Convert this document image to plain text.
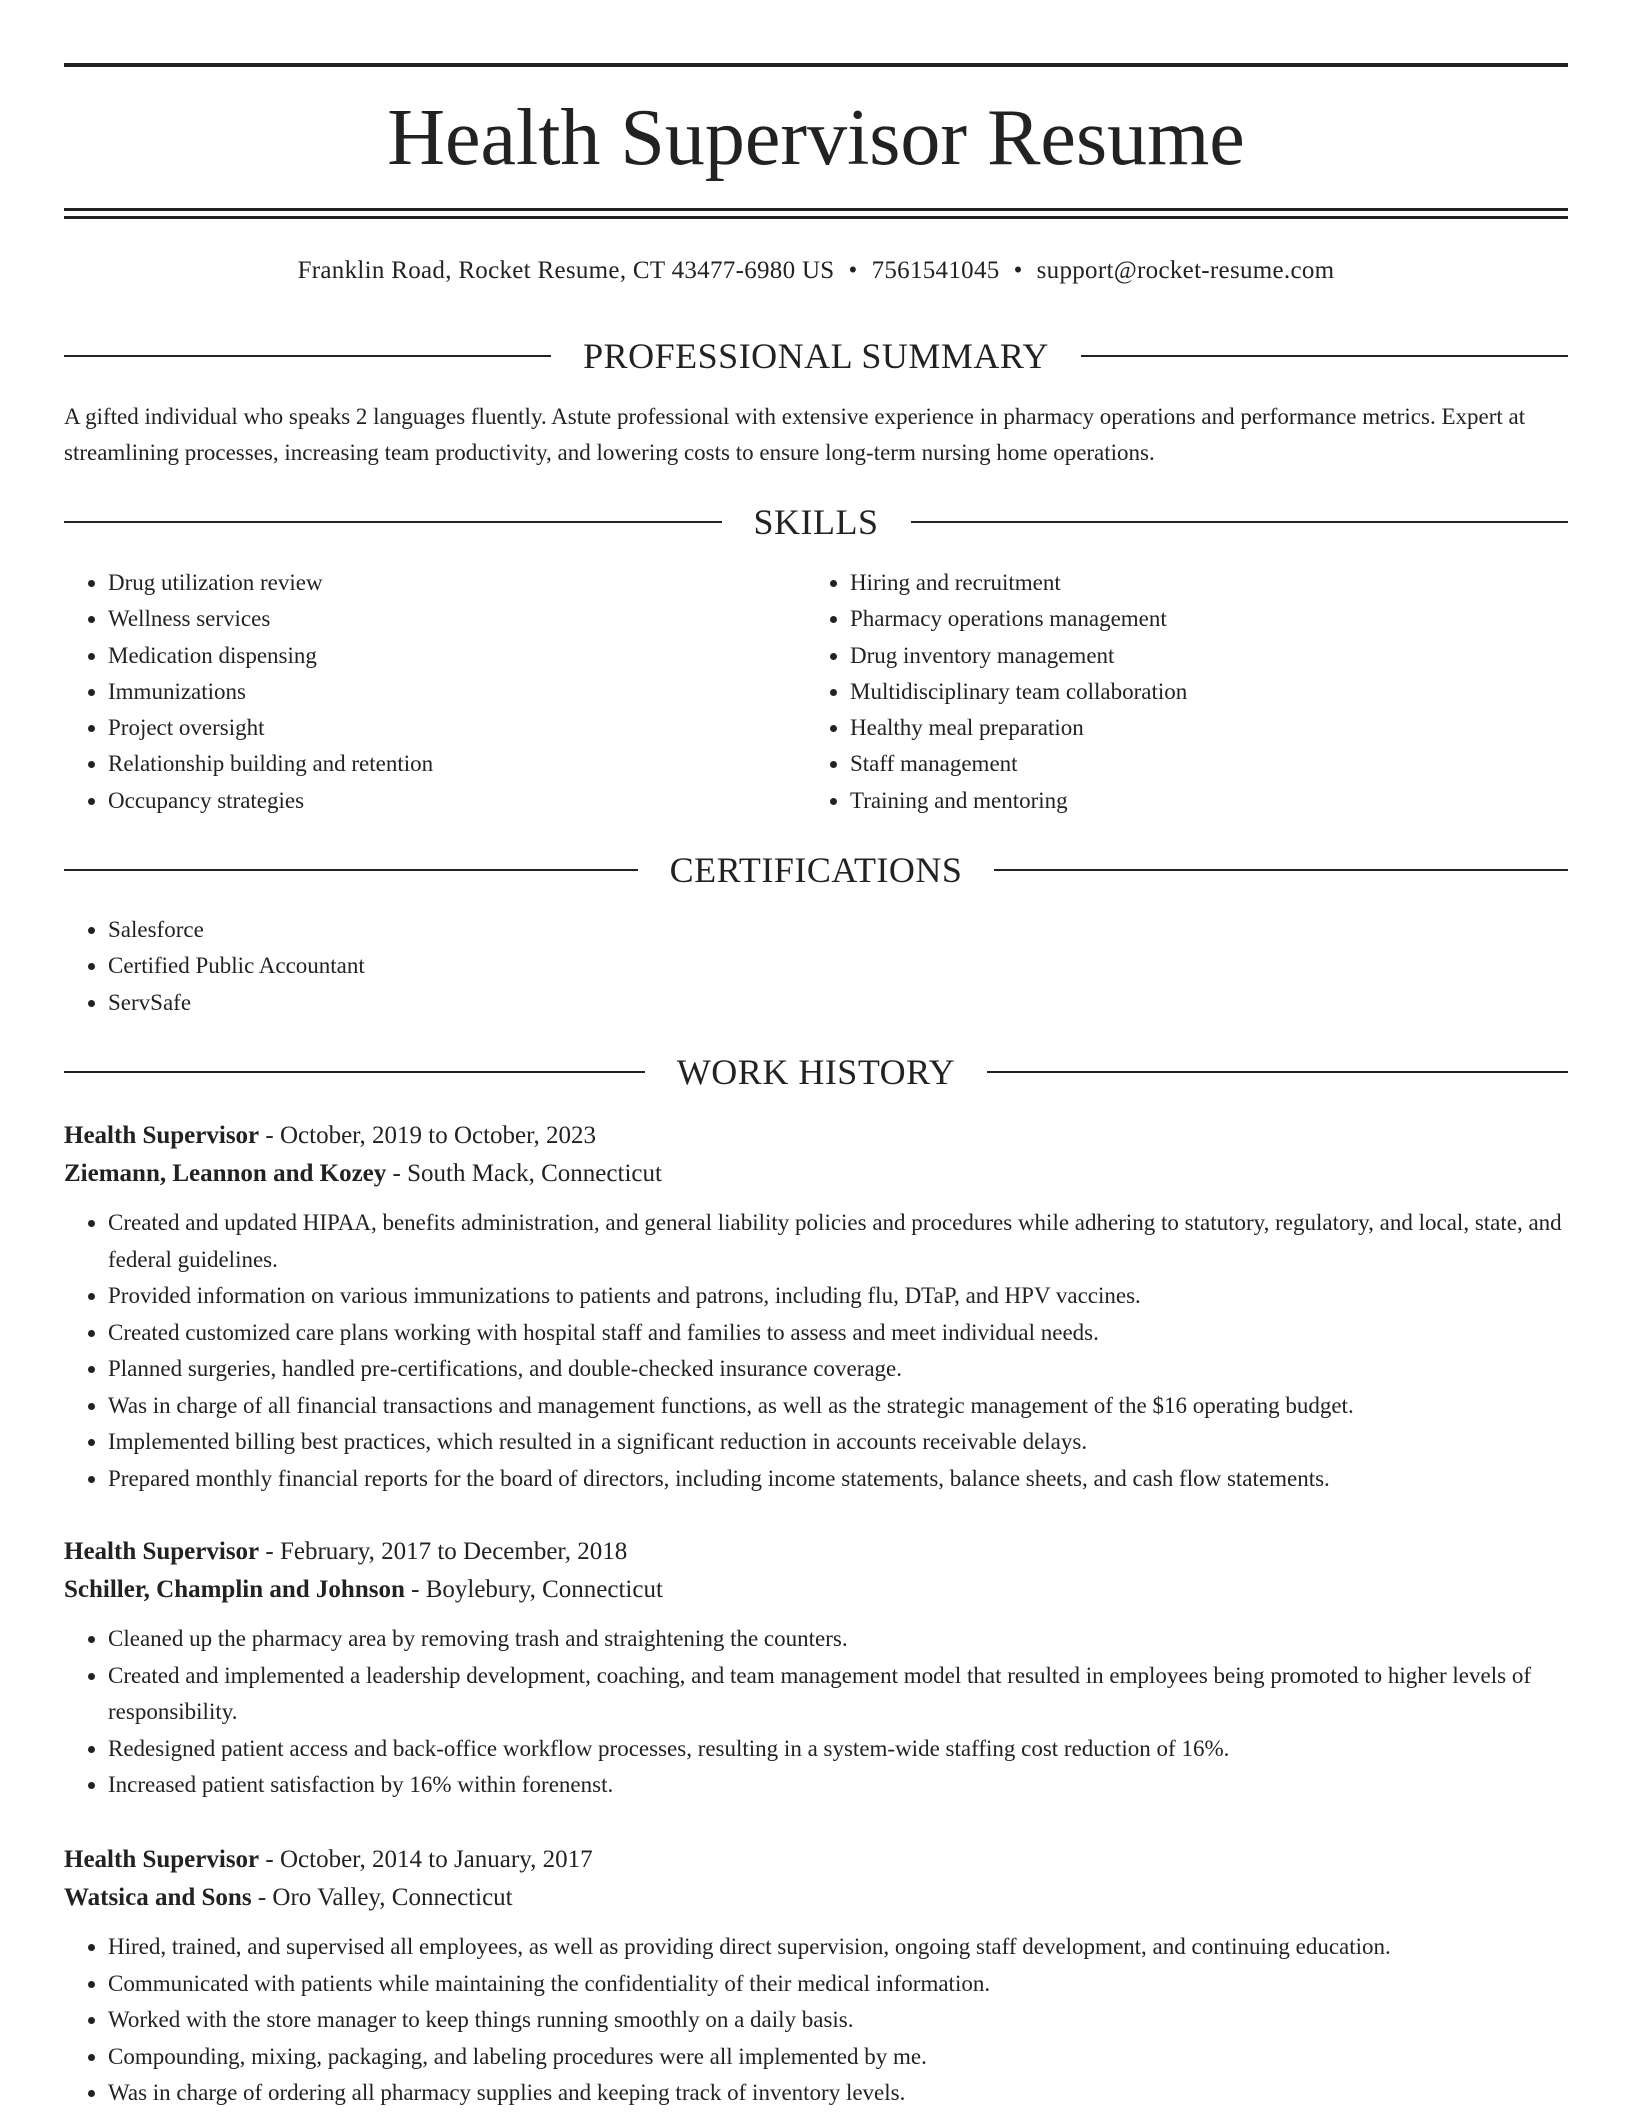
Health Supervisor Resume
Franklin Road, Rocket Resume, CT 43477-6980 US • 7561541045 • support@rocket-resume.com
PROFESSIONAL SUMMARY

A gifted individual who speaks 2 languages fluently. Astute professional with extensive experience in pharmacy operations and performance metrics. Expert at streamlining processes, increasing team productivity, and lowering costs to ensure long-term nursing home operations.

SKILLS
• Drug utilization review
• Wellness services
• Medication dispensing
• Immunizations
• Project oversight
• Relationship building and retention
• Occupancy strategies
• Hiring and recruitment
• Pharmacy operations management
• Drug inventory management
• Multidisciplinary team collaboration
• Healthy meal preparation
• Staff management
• Training and mentoring
CERTIFICATIONS
• Salesforce
• Certified Public Accountant
• ServSafe
WORK HISTORY
Health Supervisor - October, 2019 to October, 2023
Ziemann, Leannon and Kozey - South Mack, Connecticut
• Created and updated HIPAA, benefits administration, and general liability policies and procedures while adhering to statutory, regulatory, and local, state, and federal guidelines.
• Provided information on various immunizations to patients and patrons, including flu, DTaP, and HPV vaccines.
• Created customized care plans working with hospital staff and families to assess and meet individual needs.
• Planned surgeries, handled pre-certifications, and double-checked insurance coverage.
• Was in charge of all financial transactions and management functions, as well as the strategic management of the $16 operating budget.
• Implemented billing best practices, which resulted in a significant reduction in accounts receivable delays.
• Prepared monthly financial reports for the board of directors, including income statements, balance sheets, and cash flow statements.
Health Supervisor - February, 2017 to December, 2018
Schiller, Champlin and Johnson - Boylebury, Connecticut
• Cleaned up the pharmacy area by removing trash and straightening the counters.
• Created and implemented a leadership development, coaching, and team management model that resulted in employees being promoted to higher levels of responsibility.
• Redesigned patient access and back-office workflow processes, resulting in a system-wide staffing cost reduction of 16%.
• Increased patient satisfaction by 16% within forenenst.
Health Supervisor - October, 2014 to January, 2017
Watsica and Sons - Oro Valley, Connecticut
• Hired, trained, and supervised all employees, as well as providing direct supervision, ongoing staff development, and continuing education.
• Communicated with patients while maintaining the confidentiality of their medical information.
• Worked with the store manager to keep things running smoothly on a daily basis.
• Compounding, mixing, packaging, and labeling procedures were all implemented by me.
• Was in charge of ordering all pharmacy supplies and keeping track of inventory levels.
